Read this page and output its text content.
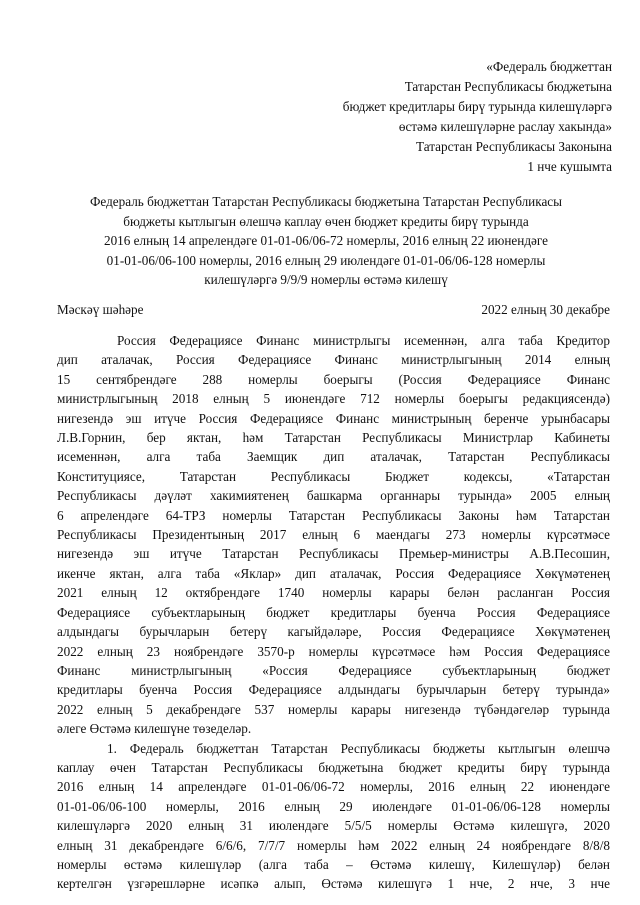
«Федераль бюджеттан
Татарстан Республикасы бюджетына
бюджет кредитлары бирү турында килешүләргә
өстәмә килешүләрне раслау хакында»
Татарстан Республикасы Законына
1 нче кушымта
Федераль бюджеттан Татарстан Республикасы бюджетына Татарстан Республикасы
бюджеты кытлыгын өлешчә каплау өчен бюджет кредиты бирү турында
2016 елның 14 апрелендәге 01-01-06/06-72 номерлы, 2016 елның 22 июнендәге
01-01-06/06-100 номерлы, 2016 елның 29 июлендәге 01-01-06/06-128 номерлы
килешүләргә 9/9/9 номерлы өстәмә килешү
Мәскәү шәһәре	2022 елның 30 декабре
Россия Федерациясе Финанс министрлыгы исеменнән, алга таба Кредитор
дип аталачак, Россия Федерациясе Финанс министрлыгының 2014 елның
15 сентябрендәге 288 номерлы боерыгы (Россия Федерациясе Финанс
министрлыгының 2018 елның 5 июнендәге 712 номерлы боерыгы редакциясендә)
нигезендә эш итүче Россия Федерациясе Финанс министрының беренче урынбасары
Л.В.Горнин, бер яктан, һәм Татарстан Республикасы Министрлар Кабинеты
исеменнән, алга таба Заемщик дип аталачак, Татарстан Республикасы
Конституциясе, Татарстан Республикасы Бюджет кодексы, «Татарстан
Республикасы дәүләт хакимиятенең башкарма органнары турында» 2005 елның
6 апрелендәге 64-ТРЗ номерлы Татарстан Республикасы Законы һәм Татарстан
Республикасы Президентының 2017 елның 6 маендагы 273 номерлы күрсәтмәсе
нигезендә эш итүче Татарстан Республикасы Премьер-министры А.В.Песошин,
икенче яктан, алга таба «Яклар» дип аталачак, Россия Федерациясе Хөкүмәтенең
2021 елның 12 октябрендәге 1740 номерлы карары белән расланган Россия
Федерациясе субъектларының бюджет кредитлары буенча Россия Федерациясе
алдындагы бурычларын бетерү кагыйдәләре, Россия Федерациясе Хөкүмәтенең
2022 елның 23 ноябрендәге 3570-р номерлы күрсәтмәсе һәм Россия Федерациясе
Финанс министрлыгының «Россия Федерациясе субъектларының бюджет
кредитлары буенча Россия Федерациясе алдындагы бурычларын бетерү турында»
2022 елның 5 декабрендәге 537 номерлы карары нигезендә түбәндәгеләр турында
әлеге Өстәмә килешүне төзеделәр.
1. Федераль бюджеттан Татарстан Республикасы бюджеты кытлыгын өлешчә
каплау өчен Татарстан Республикасы бюджетына бюджет кредиты бирү турында
2016 елның 14 апрелендәге 01-01-06/06-72 номерлы, 2016 елның 22 июнендәге
01-01-06/06-100 номерлы, 2016 елның 29 июлендәге 01-01-06/06-128 номерлы
килешүләргә 2020 елның 31 июлендәге 5/5/5 номерлы Өстәмә килешүгә, 2020
елның 31 декабрендәге 6/6/6, 7/7/7 номерлы һәм 2022 елның 24 ноябрендәге 8/8/8
номерлы өстәмә килешүләр (алга таба – Өстәмә килешү, Килешүләр) белән
кертелгән үзгәрешләрне исәпкә алып, Өстәмә килешүгә 1 нче, 2 нче, 3 нче
